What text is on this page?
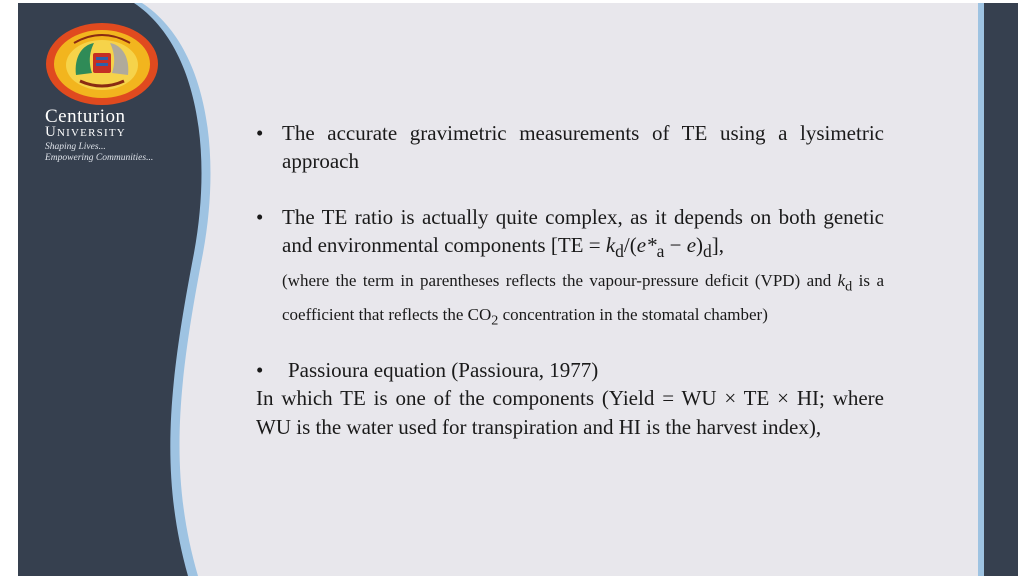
Centurion
University
Shaping Lives...
Empowering Communities...
• The accurate gravimetric measurements of TE using a lysimetric approach
• The TE ratio is actually quite complex, as it depends on both genetic and environmental components $[TE = k_d/(e*_a - e)_d]$,
(where the term in parentheses reflects the vapour-pressure deficit (VPD) and $k_d$ is a coefficient that reflects the $CO_2$ concentration in the stomatal chamber)
• Passioura equation (Passioura, 1977)
In which TE is one of the components (Yield = WU × TE × HI; where WU is the water used for transpiration and HI is the harvest index),
